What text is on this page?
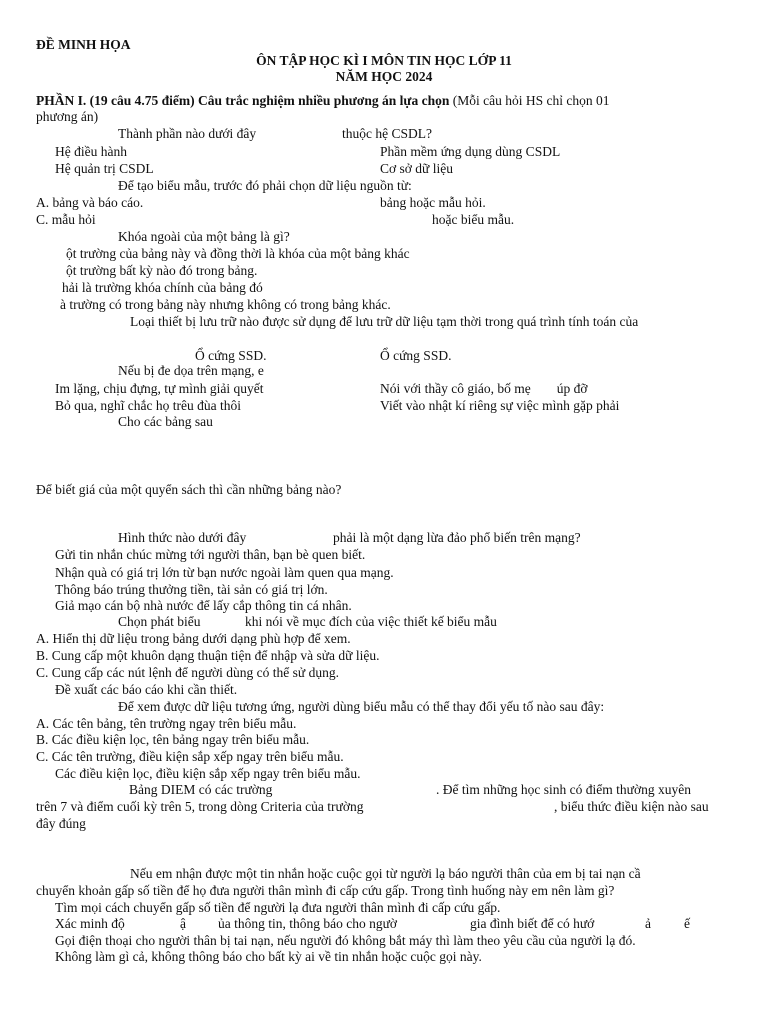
ĐỀ MINH HỌA
ÔN TẬP HỌC KÌ I MÔN TIN HỌC LỚP 11
NĂM HỌC 2024
PHẦN I. (19 câu 4.75 điểm) Câu trắc nghiệm nhiều phương án lựa chọn (Mỗi câu hỏi HS chỉ chọn 01
phương án)
Thành phần nào dưới đây	thuộc hệ CSDL?
Hệ điều hành	Phần mềm ứng dụng dùng CSDL
Hệ quản trị CSDL	Cơ sở dữ liệu
Để tạo biểu mẫu, trước đó phải chọn dữ liệu nguồn từ:
A. bảng và báo cáo.	bảng hoặc mẫu hỏi.
C. mẫu hỏi	hoặc biểu mẫu.
Khóa ngoài của một bảng là gì?
ột trường của bảng này và đồng thời là khóa của một bảng khác
ột trường bất kỳ nào đó trong bảng.
hải là trường khóa chính của bảng đó
à trường có trong bảng này nhưng không có trong bảng khác.
Loại thiết bị lưu trữ nào được sử dụng để lưu trữ dữ liệu tạm thời trong quá trình tính toán của
Ổ cứng SSD.	Ổ cứng SSD.
Nếu bị đe dọa trên mạng, e
Im lặng, chịu đựng, tự mình giải quyết	Nói với thầy cô giáo, bố mẹ úp đỡ
Bỏ qua, nghĩ chắc họ trêu đùa thôi	Viết vào nhật kí riêng sự việc mình gặp phải
Cho các bảng sau
Để biết giá của một quyển sách thì cần những bảng nào?
Hình thức nào dưới đây	phải là một dạng lừa đảo phổ biến trên mạng?
Gửi tin nhắn chúc mừng tới người thân, bạn bè quen biết.
Nhận quà có giá trị lớn từ bạn nước ngoài làm quen qua mạng.
Thông báo trúng thưởng tiền, tài sản có giá trị lớn.
Giả mạo cán bộ nhà nước để lấy cắp thông tin cá nhân.
Chọn phát biểu	khi nói về mục đích của việc thiết kế biểu mẫu
A. Hiển thị dữ liệu trong bảng dưới dạng phù hợp để xem.
B. Cung cấp một khuôn dạng thuận tiện để nhập và sửa dữ liệu.
C. Cung cấp các nút lệnh để người dùng có thể sử dụng.
Đề xuất các báo cáo khi cần thiết.
Để xem được dữ liệu tương ứng, người dùng biểu mẫu có thể thay đổi yếu tố nào sau đây:
A. Các tên bảng, tên trường ngay trên biểu mẫu.
B. Các điều kiện lọc, tên bảng ngay trên biểu mẫu.
C. Các tên trường, điều kiện sắp xếp ngay trên biểu mẫu.
Các điều kiện lọc, điều kiện sắp xếp ngay trên biểu mẫu.
Bảng DIEM có các trường	. Để tìm những học sinh có điểm thường xuyên
trên 7 và điểm cuối kỳ trên 5, trong dòng Criteria của trường	, biểu thức điều kiện nào sau
đây đúng
Nếu em nhận được một tin nhắn hoặc cuộc gọi từ người lạ báo người thân của em bị tai nạn cầ
chuyển khoản gấp số tiền để họ đưa người thân mình đi cấp cứu gấp. Trong tình huống này em nên làm gì?
Tìm mọi cách chuyển gấp số tiền để người lạ đưa người thân mình đi cấp cứu gấp.
Xác minh độ	ậ ủa thông tin, thông báo cho ngườ	gia đình biết để có hướ	ả ế
Gọi điện thoại cho người thân bị tai nạn, nếu người đó không bắt máy thì làm theo yêu cầu của người lạ đó.
Không làm gì cả, không thông báo cho bất kỳ ai về tin nhắn hoặc cuộc gọi này.
